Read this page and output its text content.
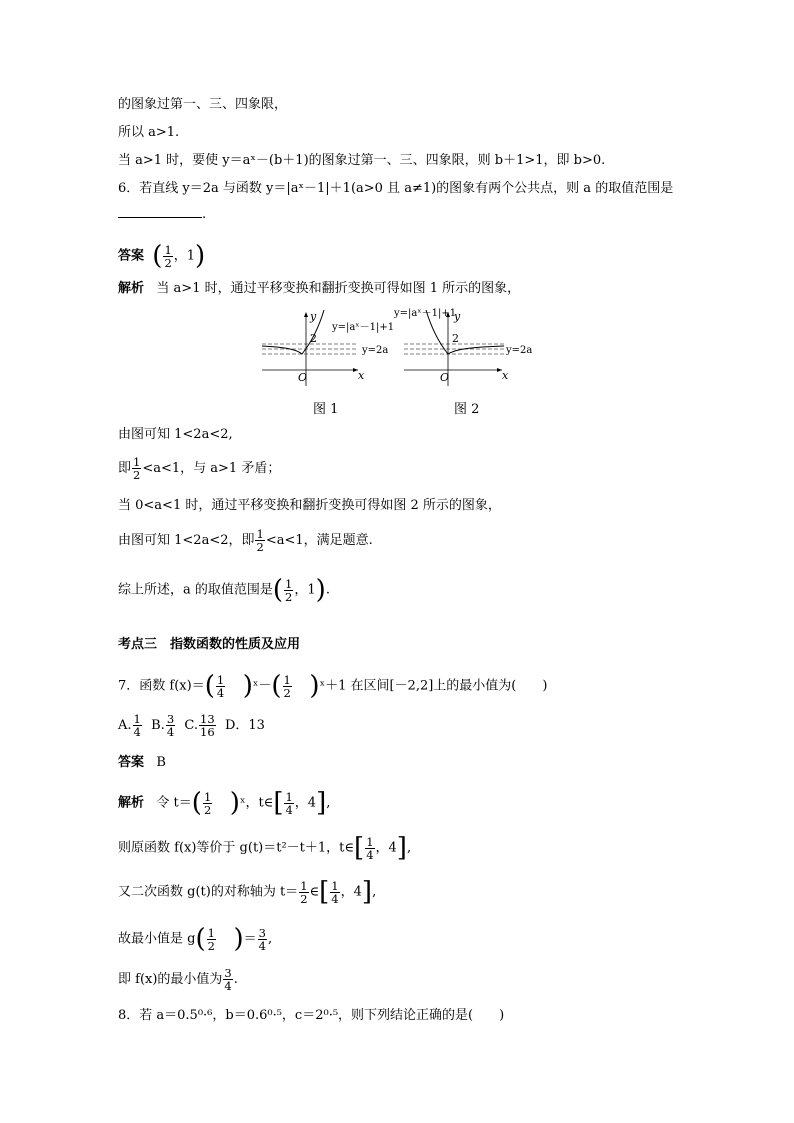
的图象过第一、三、四象限，
所以 a>1.
当 a>1 时，要使 y＝aˣ－(b＋1)的图象过第一、三、四象限，则 b＋1>1，即 b>0.
6．若直线 y＝2a 与函数 y＝|aˣ－1|＋1(a>0 且 a≠1)的图象有两个公共点，则 a 的取值范围是
.
答案 ( $\frac{1}{2}$ ，1)
解析 当 a>1 时，通过平移变换和翻折变换可得如图 1 所示的图象，
2
y
O	x
y=|aˣ－1|+1
y=2a
2
y
O	x
y=|aˣ－1|+1
y=2a
图 1	图 2
由图可知 1<2a<2,
即 $\frac{1}{2} <a<1$，与 a>1 矛盾；
当 0<a<1 时，通过平移变换和翻折变换可得如图 2 所示的图象，
由图可知 1<2a<2，即 $\frac{1}{2} <a<1$，满足题意.
综上所述，a 的取值范围是( $\frac{1}{2}$ ，1).
考点三　指数函数的性质及应用
7．函数 $f(x)=( \frac{1}{4}$ )ˣ－( $\frac{1}{2}$ )ˣ＋1 在区间[－2,2]上的最小值为(　　)
A. $\frac{1}{4} B$. $\frac{3}{4} C$. $\frac{13}{16}$ D．13
答案 B
解析 令 $t=( \frac{1}{2}$ )ˣ，t∈[ $\frac{1}{4}$ ，4],
则原函数 f(x)等价于 g(t)＝t²－t＋1，t∈[ $\frac{1}{4}$ ，4],
又二次函数 g(t)的对称轴为 $t= \frac{1}{2}$ ∈[ $\frac{1}{4}$ ，4],
故最小值是 $g( \frac{1}{2}$ )＝ $\frac{3}{4}$ ,
即 f(x)的最小值为 $\frac{3}{4}$ .
8．若 a＝0.5⁰·⁶，b＝0.6⁰·⁵，c＝2⁰·⁵，则下列结论正确的是(　　)
